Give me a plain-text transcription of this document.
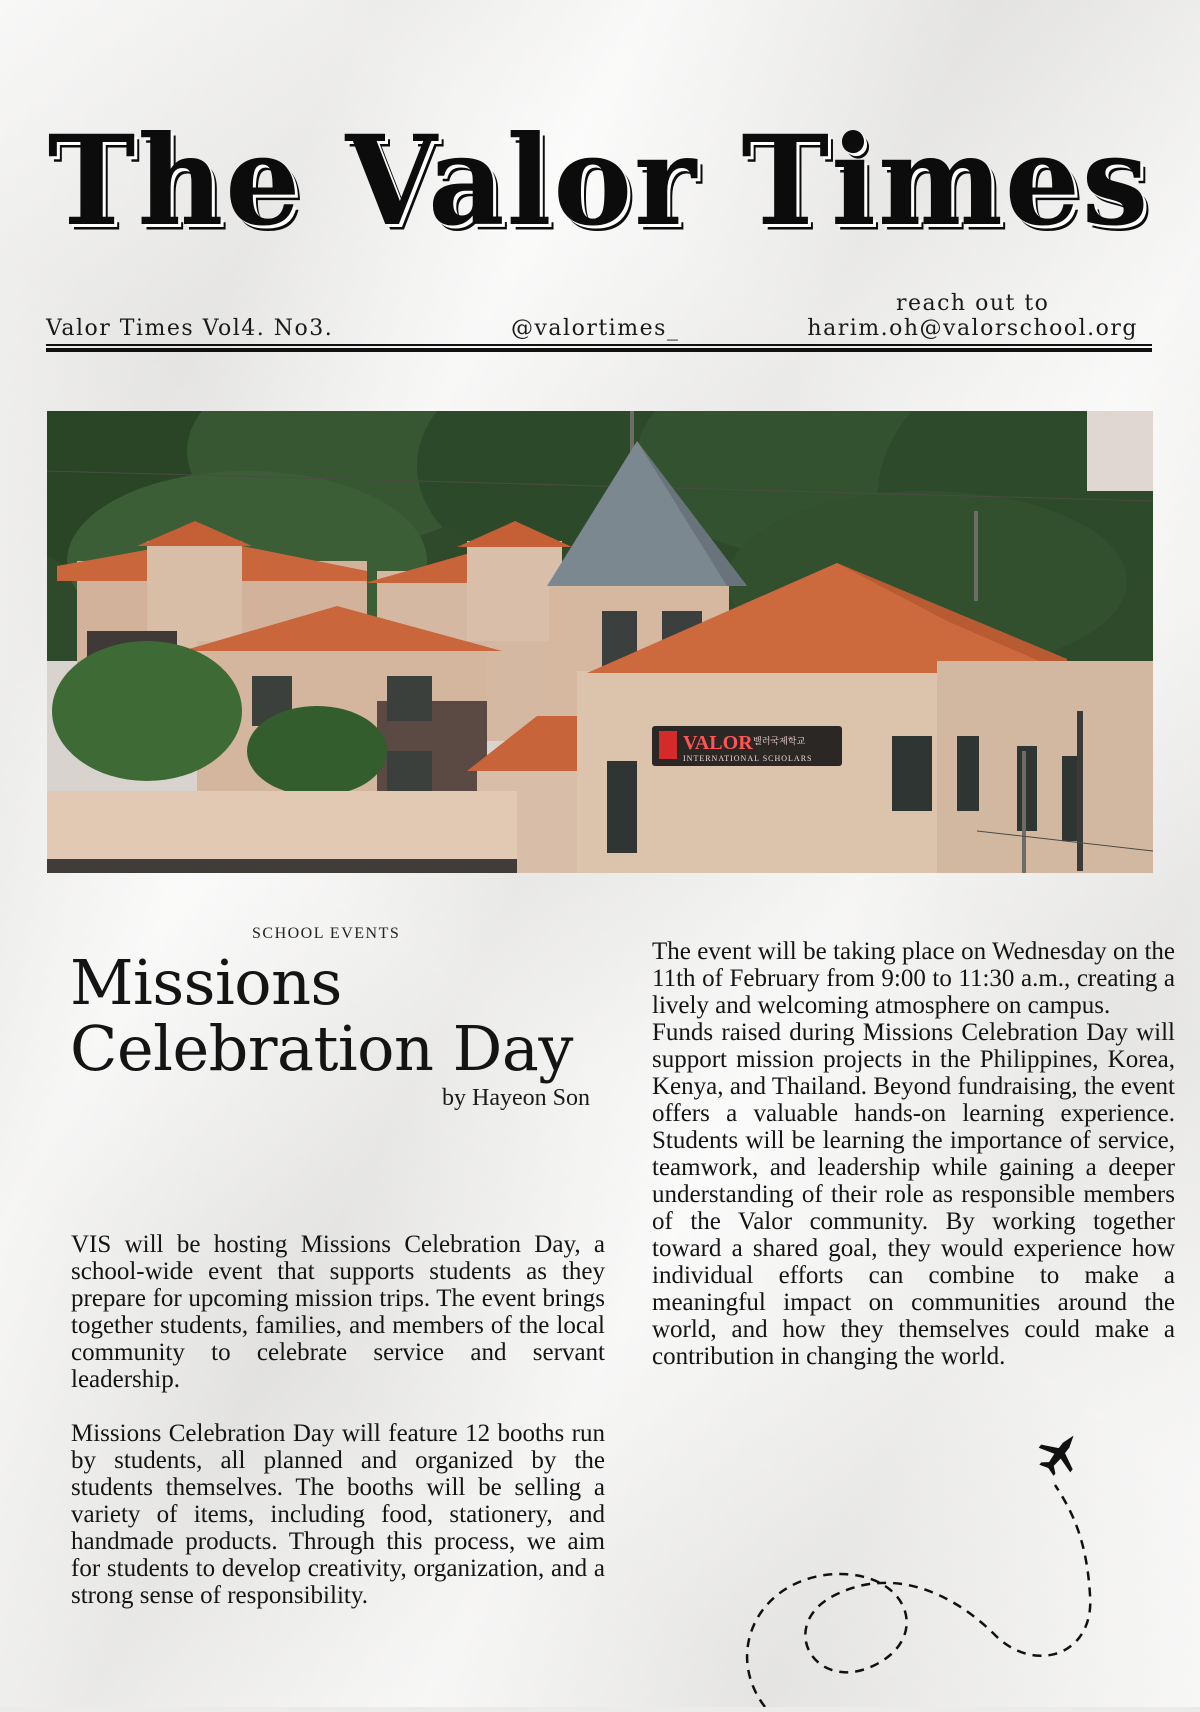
The Valor Times
Valor Times Vol4. No3.	@valortimes_
reach out to
harim.oh@valorschool.org
VALOR 밸러국제학교
INTERNATIONAL SCHOLARS
SCHOOL EVENTS
Missions
Celebration Day
by Hayeon Son

VIS will be hosting Missions Celebration Day, a school-wide event that supports students as they prepare for upcoming mission trips. The event brings together students, families, and members of the local community to celebrate service and servant leadership.

Missions Celebration Day will feature 12 booths run by students, all planned and organized by the students themselves. The booths will be selling a variety of items, including food, stationery, and handmade products. Through this process, we aim for students to develop creativity, organization, and a strong sense of responsibility.

The event will be taking place on Wednesday on the 11th of February from 9:00 to 11:30 a.m., creating a lively and welcoming atmosphere on campus.

Funds raised during Missions Celebration Day will support mission projects in the Philippines, Korea, Kenya, and Thailand. Beyond fundraising, the event offers a valuable hands-on learning experience. Students will be learning the importance of service, teamwork, and leadership while gaining a deeper understanding of their role as responsible members of the Valor community. By working together toward a shared goal, they would experience how individual efforts can combine to make a meaningful impact on communities around the world, and how they themselves could make a contribution in changing the world.
